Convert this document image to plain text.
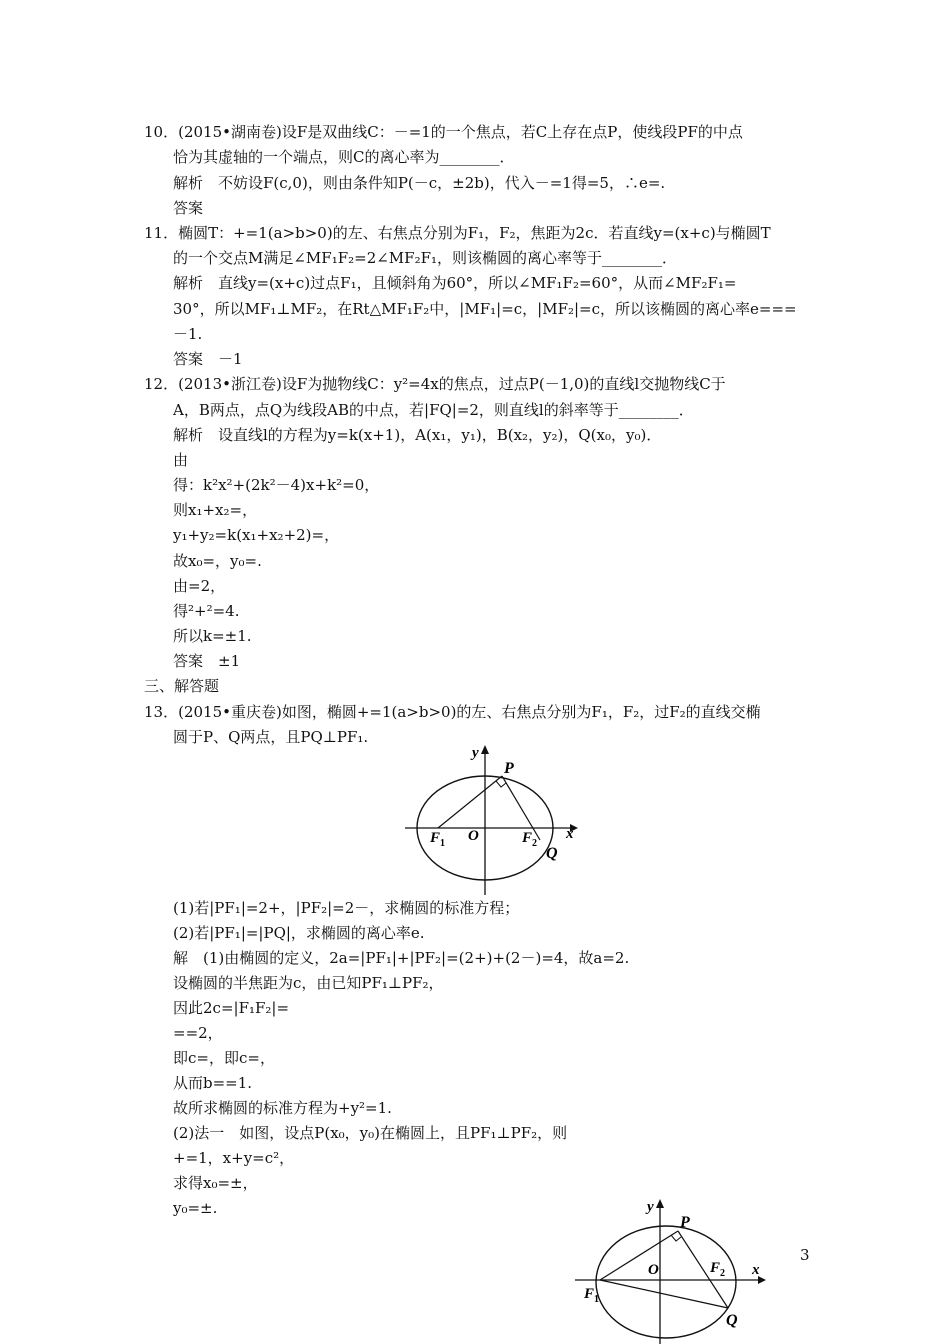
10．(2015•湖南卷)设F是双曲线C：－=1的一个焦点，若C上存在点P，使线段PF的中点
恰为其虚轴的一个端点，则C的离心率为________．
解析　不妨设F(c,0)，则由条件知P(－c，±2b)，代入－=1得=5，∴e=.
答案
11．椭圆T：+=1(a>b>0)的左、右焦点分别为F₁，F₂，焦距为2c．若直线y=(x+c)与椭圆T
的一个交点M满足∠MF₁F₂=2∠MF₂F₁，则该椭圆的离心率等于________．
解析　直线y=(x+c)过点F₁，且倾斜角为60°，所以∠MF₁F₂=60°，从而∠MF₂F₁=
30°，所以MF₁⊥MF₂，在Rt△MF₁F₂中，|MF₁|=c，|MF₂|=c，所以该椭圆的离心率e===
－1.
答案　－1
12．(2013•浙江卷)设F为抛物线C：y²=4x的焦点，过点P(－1,0)的直线l交抛物线C于
A，B两点，点Q为线段AB的中点，若|FQ|=2，则直线l的斜率等于________．
解析　设直线l的方程为y=k(x+1)，A(x₁，y₁)，B(x₂，y₂)，Q(x₀，y₀)．
由
得：k²x²+(2k²－4)x+k²=0，
则x₁+x₂=，
y₁+y₂=k(x₁+x₂+2)=，
故x₀=，y₀=.
由=2，
得²+²=4.
所以k=±1.
答案　±1
三、解答题
13．(2015•重庆卷)如图，椭圆+=1(a>b>0)的左、右焦点分别为F₁，F₂，过F₂的直线交椭
圆于P、Q两点，且PQ⊥PF₁.
y
P
O
F 1	F 2
x
Q
(1)若|PF₁|=2+，|PF₂|=2－，求椭圆的标准方程；
(2)若|PF₁|=|PQ|，求椭圆的离心率e.
解　(1)由椭圆的定义，2a=|PF₁|+|PF₂|=(2+)+(2－)=4，故a=2.
设椭圆的半焦距为c，由已知PF₁⊥PF₂，
因此2c=|F₁F₂|=
==2，
即c=，即c=，
从而b==1.
故所求椭圆的标准方程为+y²=1.
(2)法一　如图，设点P(x₀，y₀)在椭圆上，且PF₁⊥PF₂，则
+=1，x+y=c²，
求得x₀=±，
y₀=±.	y
P
O
F 1
F 2 x
Q
3
